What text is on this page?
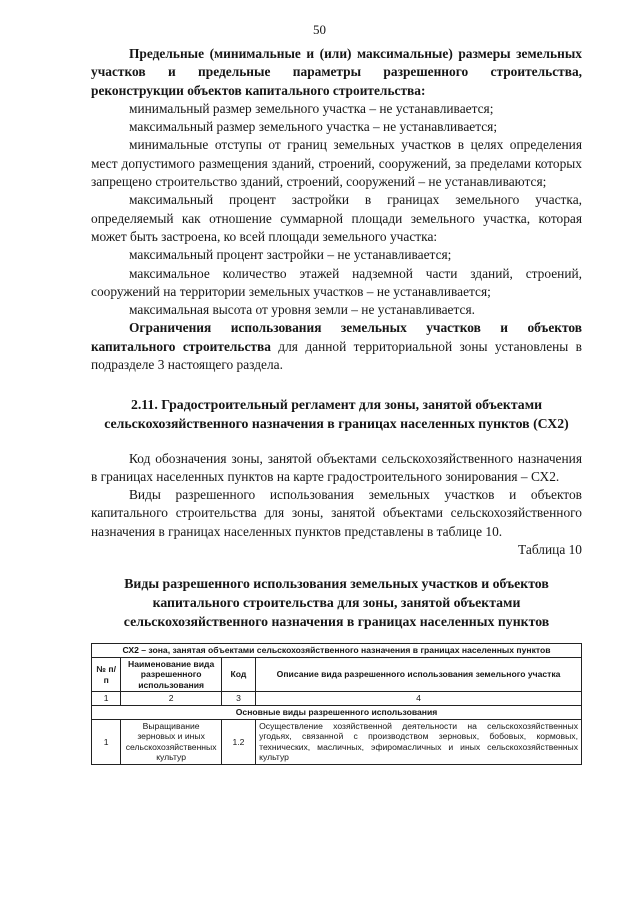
50

Предельные (минимальные и (или) максимальные) размеры земельных участков и предельные параметры разрешенного строительства, реконструкции объектов капитального строительства:

минимальный размер земельного участка – не устанавливается;

максимальный размер земельного участка – не устанавливается;

минимальные отступы от границ земельных участков в целях определения мест допустимого размещения зданий, строений, сооружений, за пределами которых запрещено строительство зданий, строений, сооружений – не устанавливаются;

максимальный процент застройки в границах земельного участка, определяемый как отношение суммарной площади земельного участка, которая может быть застроена, ко всей площади земельного участка:

максимальный процент застройки – не устанавливается;

максимальное количество этажей надземной части зданий, строений, сооружений на территории земельных участков – не устанавливается;

максимальная высота от уровня земли – не устанавливается.

Ограничения использования земельных участков и объектов капитального строительства для данной территориальной зоны установлены в подразделе 3 настоящего раздела.

2.11. Градостроительный регламент для зоны, занятой объектами сельскохозяйственного назначения в границах населенных пунктов (СХ2)

Код обозначения зоны, занятой объектами сельскохозяйственного назначения в границах населенных пунктов на карте градостроительного зонирования – СХ2.

Виды разрешенного использования земельных участков и объектов капитального строительства для зоны, занятой объектами сельскохозяйственного назначения в границах населенных пунктов представлены в таблице 10.

Таблица 10

Виды разрешенного использования земельных участков и объектов капитального строительства для зоны, занятой объектами сельскохозяйственного назначения в границах населенных пунктов

СХ2 – зона, занятая объектами сельскохозяйственного назначения в границах населенных пунктов			
№ п/п	Наименование вида разрешенного использования	Код	Описание вида разрешенного использования земельного участка
1	2	3	4
Основные виды разрешенного использования			
1	Выращивание зерновых и иных сельскохозяйственных культур	1.2	Осуществление хозяйственной деятельности на сельскохозяйственных угодьях, связанной с производством зерновых, бобовых, кормовых, технических, масличных, эфиромасличных и иных сельскохозяйственных культур
